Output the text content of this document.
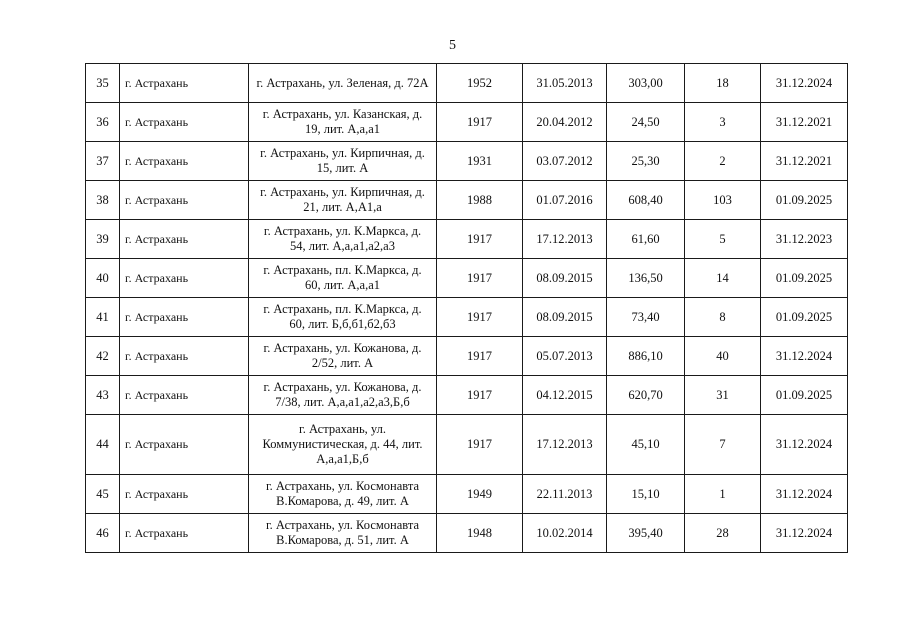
5
35	г. Астрахань	г. Астрахань, ул. Зеленая, д. 72А	1952	31.05.2013	303,00	18	31.12.2024
36	г. Астрахань	г. Астрахань, ул. Казанская, д. 19, лит. А,а,а1	1917	20.04.2012	24,50	3	31.12.2021
37	г. Астрахань	г. Астрахань, ул. Кирпичная, д. 15, лит. А	1931	03.07.2012	25,30	2	31.12.2021
38	г. Астрахань	г. Астрахань, ул. Кирпичная, д. 21, лит. А,А1,а	1988	01.07.2016	608,40	103	01.09.2025
39	г. Астрахань	г. Астрахань, ул. К.Маркса, д. 54, лит. А,а,а1,а2,а3	1917	17.12.2013	61,60	5	31.12.2023
40	г. Астрахань	г. Астрахань, пл. К.Маркса, д. 60, лит. А,а,а1	1917	08.09.2015	136,50	14	01.09.2025
41	г. Астрахань	г. Астрахань, пл. К.Маркса, д. 60, лит. Б,б,б1,б2,б3	1917	08.09.2015	73,40	8	01.09.2025
42	г. Астрахань	г. Астрахань, ул. Кожанова, д. 2/52, лит. А	1917	05.07.2013	886,10	40	31.12.2024
43	г. Астрахань	г. Астрахань, ул. Кожанова, д. 7/38, лит. А,а,а1,а2,а3,Б,б	1917	04.12.2015	620,70	31	01.09.2025
44	г. Астрахань	г. Астрахань, ул. Коммунистическая, д. 44, лит. А,а,а1,Б,б	1917	17.12.2013	45,10	7	31.12.2024
45	г. Астрахань	г. Астрахань, ул. Космонавта В.Комарова, д. 49, лит. А	1949	22.11.2013	15,10	1	31.12.2024
46	г. Астрахань	г. Астрахань, ул. Космонавта В.Комарова, д. 51, лит. А	1948	10.02.2014	395,40	28	31.12.2024
